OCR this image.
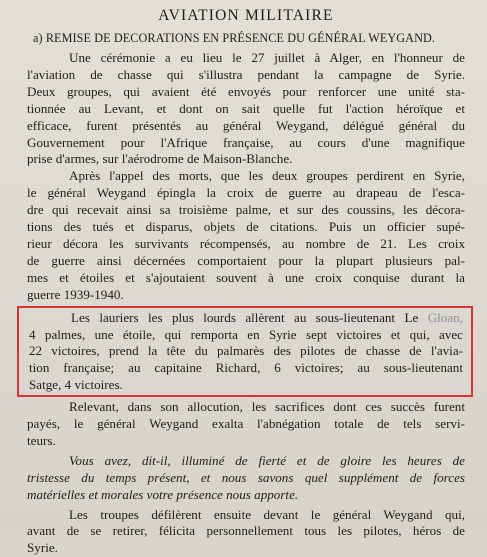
AVIATION MILITAIRE
a) REMISE DE DECORATIONS EN PRÉSENCE DU GÉNÉRAL WEYGAND.
Une cérémonie a eu lieu le 27 juillet à Alger, en l'honneur de
l'aviation de chasse qui s'illustra pendant la campagne de Syrie.
Deux groupes, qui avaient été envoyés pour renforcer une unité sta-
tionnée au Levant, et dont on sait quelle fut l'action héroïque et
efficace, furent présentés au général Weygand, délégué général du
Gouvernement pour l'Afrique française, au cours d'une magnifique
prise d'armes, sur l'aérodrome de Maison-Blanche.
Après l'appel des morts, que les deux groupes perdirent en Syrie,
le général Weygand épingla la croix de guerre au drapeau de l'esca-
dre qui recevait ainsi sa troisième palme, et sur des coussins, les décora-
tions des tués et disparus, objets de citations. Puis un officier supé-
rieur décora les survivants récompensés, au nombre de 21. Les croix
de guerre ainsi décernées comportaient pour la plupart plusieurs pal-
mes et étoiles et s'ajoutaient souvent à une croix conquise durant la
guerre 1939-1940.
Les lauriers les plus lourds allèrent au sous-lieutenant Le Gloan,
4 palmes, une étoile, qui remporta en Syrie sept victoires et qui, avec
22 victoires, prend la tête du palmarès des pilotes de chasse de l'avia-
tion française; au capitaine Richard, 6 victoires; au sous-lieutenant
Satge, 4 victoires.
Relevant, dans son allocution, les sacrifices dont ces succès furent
payés, le général Weygand exalta l'abnégation totale de tels servi-
teurs.
Vous avez, dit-il, illuminé de fierté et de gloire les heures de
tristesse du temps présent, et nous savons quel supplément de forces
matérielles et morales votre présence nous apporte.
Les troupes défilèrent ensuite devant le général Weygand qui,
avant de se retirer, félicita personnellement tous les pilotes, héros de
Syrie.
